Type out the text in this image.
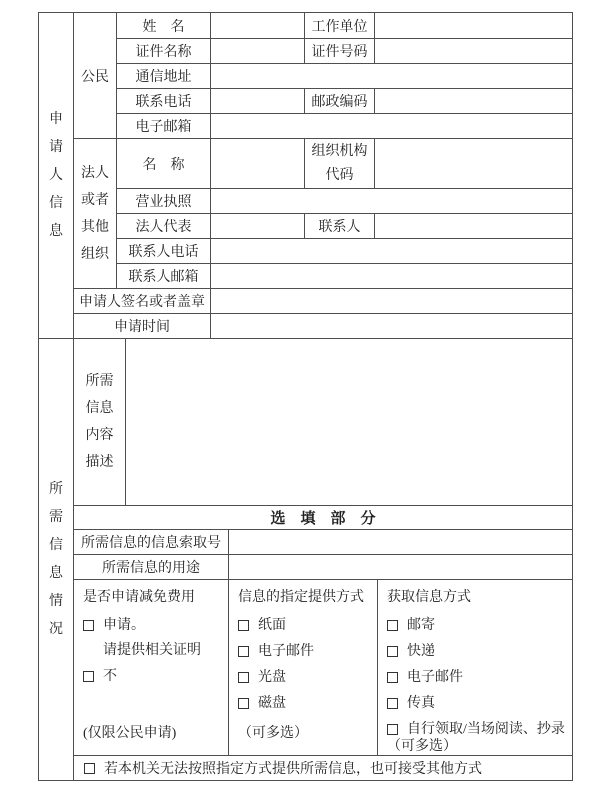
申请人信息	公民	姓　名		工作单位	
		证件名称		证件号码	
		通信地址			
		联系电话		邮政编码	
		电子邮箱			

	法人或者其他组织	名　称		组织机构代码	

		营业执照			
		法人代表		联系人	
		联系人电话			
		联系人邮箱			
	申请人签名或者盖章				
	申请时间				
所需信息情况	所需信息内容描述			

	选　填　部　分			
	所需信息的信息索取号			
	所需信息的用途			

是否申请减免费用
申请。
请提供相关证明
不
(仅限公民申请)

信息的指定提供方式
纸面
电子邮件
光盘
磁盘
（可多选）

获取信息方式
邮寄
快递
电子邮件
传真
自行领取/当场阅读、抄录
（可多选）

	若本机关无法按照指定方式提供所需信息，也可接受其他方式			
